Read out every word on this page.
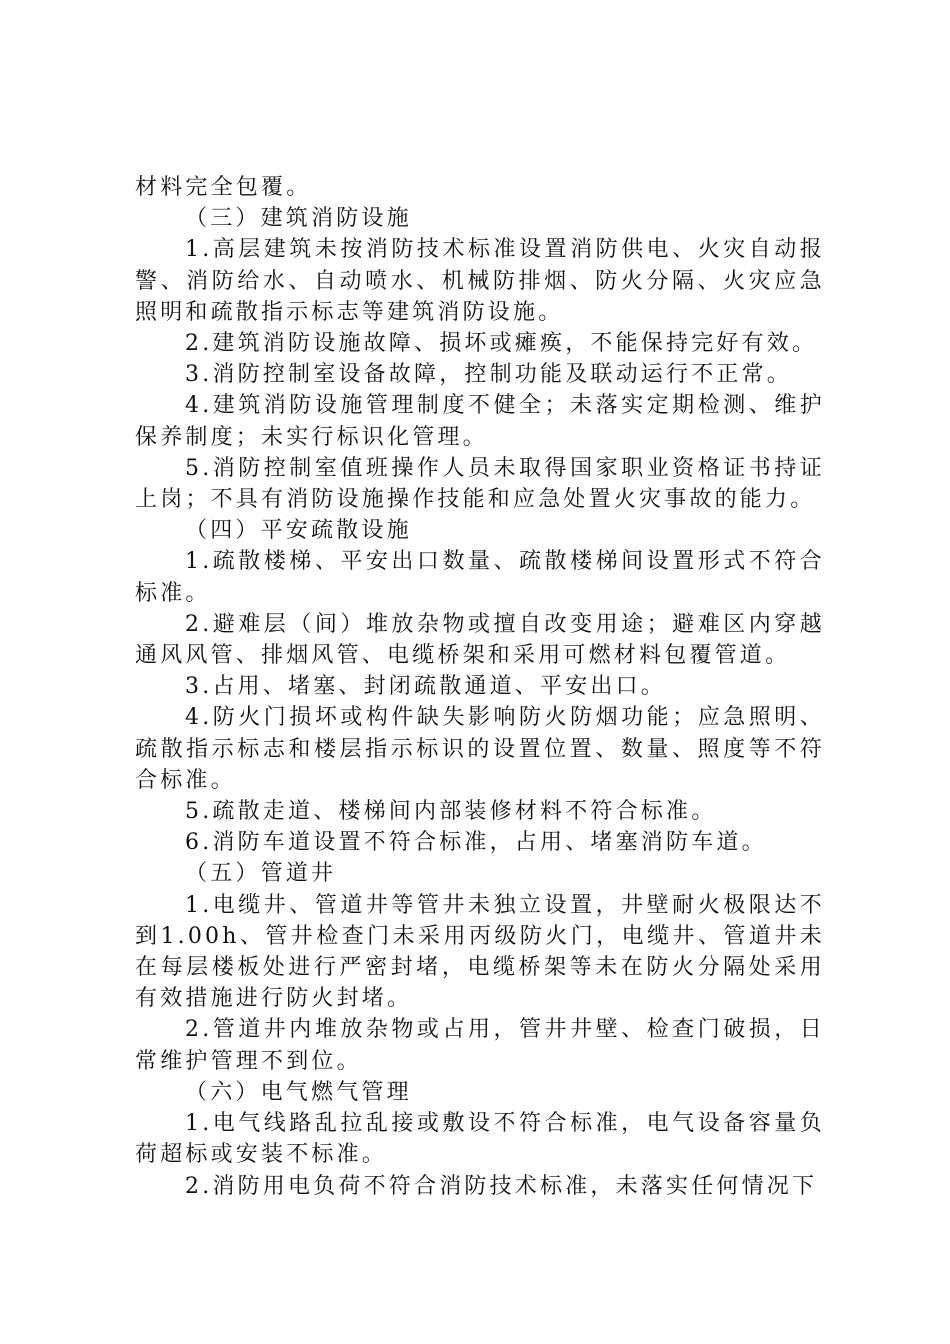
材料完全包覆。

（三）建筑消防设施

1.高层建筑未按消防技术标准设置消防供电、火灾自动报警、消防给水、自动喷水、机械防排烟、防火分隔、火灾应急照明和疏散指示标志等建筑消防设施。

2.建筑消防设施故障、损坏或瘫痪，不能保持完好有效。

3.消防控制室设备故障，控制功能及联动运行不正常。

4.建筑消防设施管理制度不健全；未落实定期检测、维护保养制度；未实行标识化管理。

5.消防控制室值班操作人员未取得国家职业资格证书持证上岗；不具有消防设施操作技能和应急处置火灾事故的能力。

（四）平安疏散设施

1.疏散楼梯、平安出口数量、疏散楼梯间设置形式不符合标准。

2.避难层（间）堆放杂物或擅自改变用途；避难区内穿越通风风管、排烟风管、电缆桥架和采用可燃材料包覆管道。

3.占用、堵塞、封闭疏散通道、平安出口。

4.防火门损坏或构件缺失影响防火防烟功能；应急照明、疏散指示标志和楼层指示标识的设置位置、数量、照度等不符合标准。

5.疏散走道、楼梯间内部装修材料不符合标准。

6.消防车道设置不符合标准，占用、堵塞消防车道。

（五）管道井

1.电缆井、管道井等管井未独立设置，井壁耐火极限达不到1.00h、管井检查门未采用丙级防火门，电缆井、管道井未在每层楼板处进行严密封堵，电缆桥架等未在防火分隔处采用有效措施进行防火封堵。

2.管道井内堆放杂物或占用，管井井壁、检查门破损，日常维护管理不到位。

（六）电气燃气管理

1.电气线路乱拉乱接或敷设不符合标准，电气设备容量负荷超标或安装不标准。

2.消防用电负荷不符合消防技术标准，未落实任何情况下
